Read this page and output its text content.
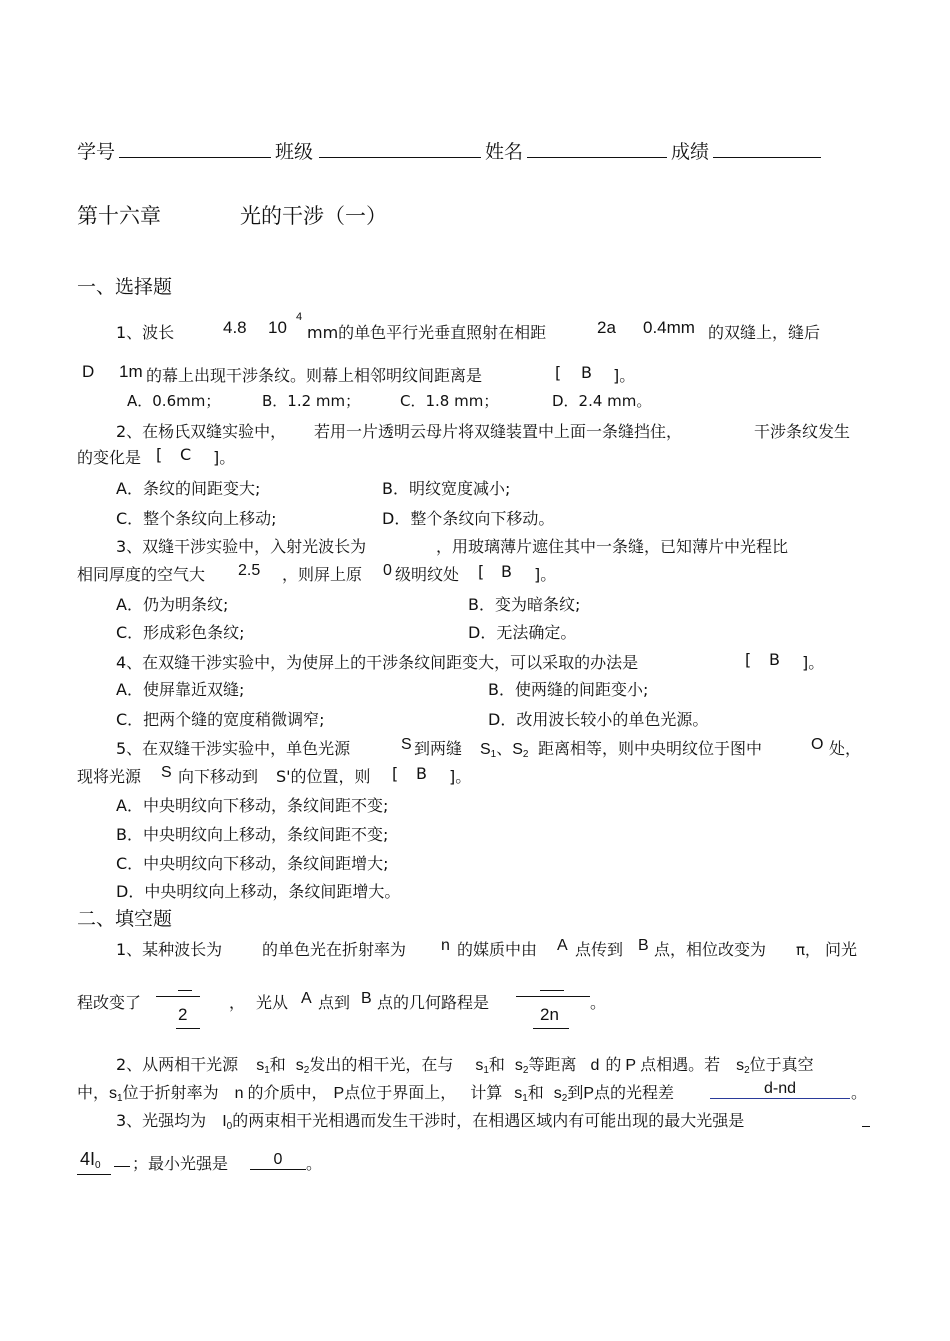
学号	班级	姓名	成绩
第十六章	光的干涉（一）
一、选择题
1、波长	4.8 10
4
mm的单色平行光垂直照射在相距	2a 0.4mm 的双缝上，缝后
D 1m 的幕上出现干涉条纹。则幕上相邻明纹间距离是	[ B ]。
A．0.6mm；	B．1.2 mm；	C．1.8 mm；	D．2.4 mm。
2、在杨氏双缝实验中， 若用一片透明云母片将双缝装置中上面一条缝挡住，	干涉条纹发生
的变化是 [ C ]。
A．条纹的间距变大;	B．明纹宽度减小;
C．整个条纹向上移动;	D．整个条纹向下移动。
3、双缝干涉实验中，入射光波长为	，用玻璃薄片遮住其中一条缝，已知薄片中光程比
相同厚度的空气大 2.5 ，则屏上原 0 级明纹处 [ B ]。
A．仍为明条纹;	B．变为暗条纹;
C．形成彩色条纹;	D．无法确定。
4、在双缝干涉实验中，为使屏上的干涉条纹间距变大，可以采取的办法是	[ B ]。
A．使屏靠近双缝;	B．使两缝的间距变小;
C．把两个缝的宽度稍微调窄;	D．改用波长较小的单色光源。
5、在双缝干涉实验中，单色光源	S 到两缝 S1、S2 距离相等，则中央明纹位于图中	O 处，
现将光源 S 向下移动到 S'的位置，则 [ B ]。
A．中央明纹向下移动，条纹间距不变;
B．中央明纹向上移动，条纹间距不变;
C．中央明纹向下移动，条纹间距增大;
D．中央明纹向上移动，条纹间距增大。
二、填空题
1、某种波长为 的单色光在折射率为 n 的媒质中由 A 点传到 B 点，相位改变为 π， 问光
程改变了
2
， 光从 A 点到 B 点的几何路程是
2n
。
2、从两相干光源 s1和 s2发出的相干光，在与 s1和 s2等距离 d 的 P 点相遇。若 s2位于真空
中，s1位于折射率为 n 的介质中， P点位于界面上， 计算 s1和 s2到P点的光程差	d-nd	。
3、光强均为 I0的两束相干光相遇而发生干涉时，在相遇区域内有可能出现的最大光强是
4I0 ；最小光强是	0	。
